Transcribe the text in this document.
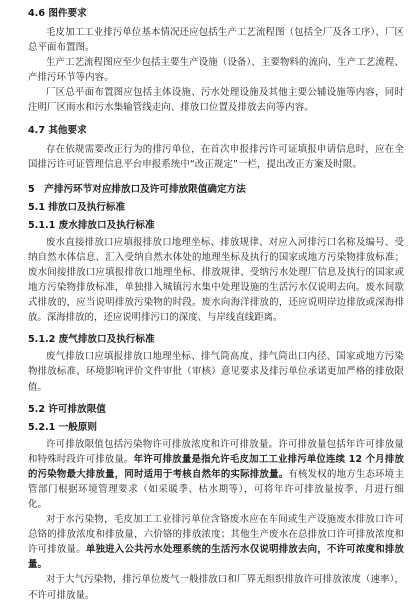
4.6 图件要求

毛皮加工工业排污单位基本情况还应包括生产工艺流程图（包括全厂及各工序）、厂区总平面布置图。

生产工艺流程图应至少包括主要生产设施（设备）、主要物料的流向、生产工艺流程、产排污环节等内容。

厂区总平面布置图应包括主体设施、污水处理设施及其他主要公辅设施等内容，同时注明厂区雨水和污水集输管线走向、排放口位置及排放去向等内容。

4.7 其他要求

存在依规需要改正行为的排污单位，在首次申报排污许可证填报申请信息时，应在全国排污许可证管理信息平台申报系统中“改正规定”一栏，提出改正方案及时限。

5　产排污环节对应排放口及许可排放限值确定方法

5.1 排放口及执行标准

5.1.1 废水排放口及执行标准

废水直接排放口应填报排放口地理坐标、排放规律、对应入河排污口名称及编号、受纳自然水体信息、汇入受纳自然水体处的地理坐标及执行的国家或地方污染物排放标准；废水间接排放口应填报排放口地理坐标、排放规律、受纳污水处理厂信息及执行的国家或地方污染物排放标准，单独排入城镇污水集中处理设施的生活污水仅说明去向。废水间歇式排放的，应当说明排放污染物的时段。废水向海洋排放的，还应说明岸边排放或深海排放。深海排放的，还应说明排污口的深度、与岸线直线距离。

5.1.2 废气排放口及执行标准

废气排放口应填报排放口地理坐标、排气筒高度、排气筒出口内径、国家或地方污染物排放标准、环境影响评价文件审批（审核）意见要求及排污单位承诺更加严格的排放限值。

5.2 许可排放限值

5.2.1 一般原则

许可排放限值包括污染物许可排放浓度和许可排放量。许可排放量包括年许可排放量和特殊时段许可排放量。年许可排放量是指允许毛皮加工工业排污单位连续 12 个月排放的污染物最大排放量，同时适用于考核自然年的实际排放量。有核发权的地方生态环境主管部门根据环境管理要求（如采暖季、枯水期等），可将年许可排放量按季、月进行细化。

对于水污染物，毛皮加工工业排污单位含铬废水应在车间或生产设施废水排放口许可总铬的排放浓度和排放量，六价铬的排放浓度；其他生产废水在总排放口许可排放浓度和许可排放量。单独进入公共污水处理系统的生活污水仅说明排放去向，不许可浓度和排放量。

对于大气污染物，排污单位废气一般排放口和厂界无组织排放许可排放浓度（速率），不许可排放量。
